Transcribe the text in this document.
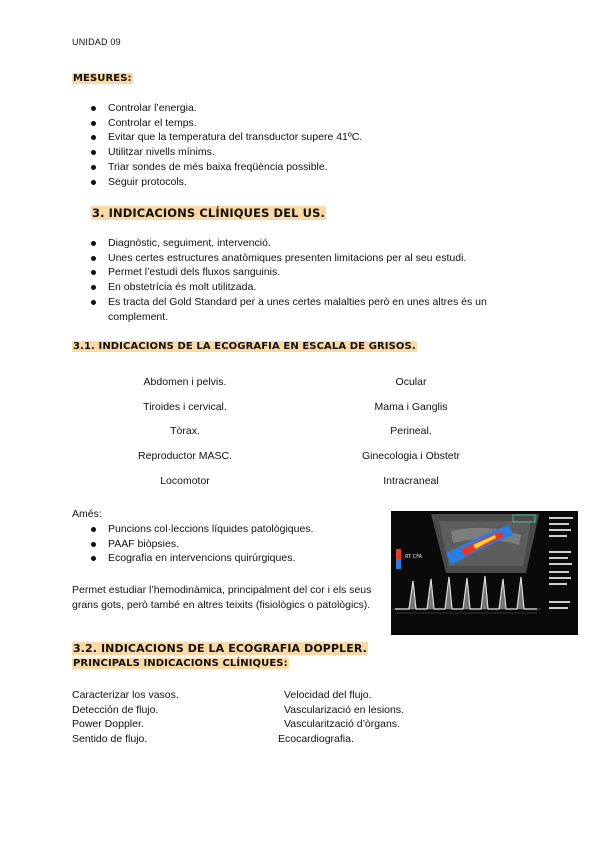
UNIDAD 09
MESURES:
Controlar l’energia.
Controlar el temps.
Evitar que la temperatura del transductor supere 41ºC.
Utilitzar nivells mínims.
Triar sondes de més baixa freqüència possible.
Seguir protocols.
3. INDICACIONS CLÍNIQUES DEL US.
Diagnòstic, seguiment, intervenció.
Unes certes estructures anatòmiques presenten limitacions per al seu estudi.
Permet l’estudi dels fluxos sanguinis.
En obstetrícia és molt utilitzada.
Es tracta del Gold Standard per a unes certes malalties però en unes altres és un complement.
3.1. INDICACIONS DE LA ECOGRAFIA EN ESCALA DE GRISOS.
Abdomen i pelvis.
Tiroides i cervical.
Tòrax.
Reproductor MASC.
Locomotor
Ocular
Mama i Ganglis
Perineal.
Ginecologia i Obstetr
Intracraneal
Amés:
Puncions col·leccions líquides patològiques.
PAAF biòpsies.
Ecografia en intervencions quirúrgiques.
Permet estudiar l’hemodinàmica, principalment del cor i els seus grans gots, però també en altres teixits (fisiològics o patològics).
RT CFA
3.2. INDICACIONS DE LA ECOGRAFIA DOPPLER.
PRINCIPALS INDICACIONS CLÍNIQUES:
Caracterizar los vasos.
Detección de flujo.
Power Doppler.
Sentido de flujo.
Velocidad del flujo.
Vascularizació en lesions.
Vascularització d’òrgans.
Ecocardiografia.
